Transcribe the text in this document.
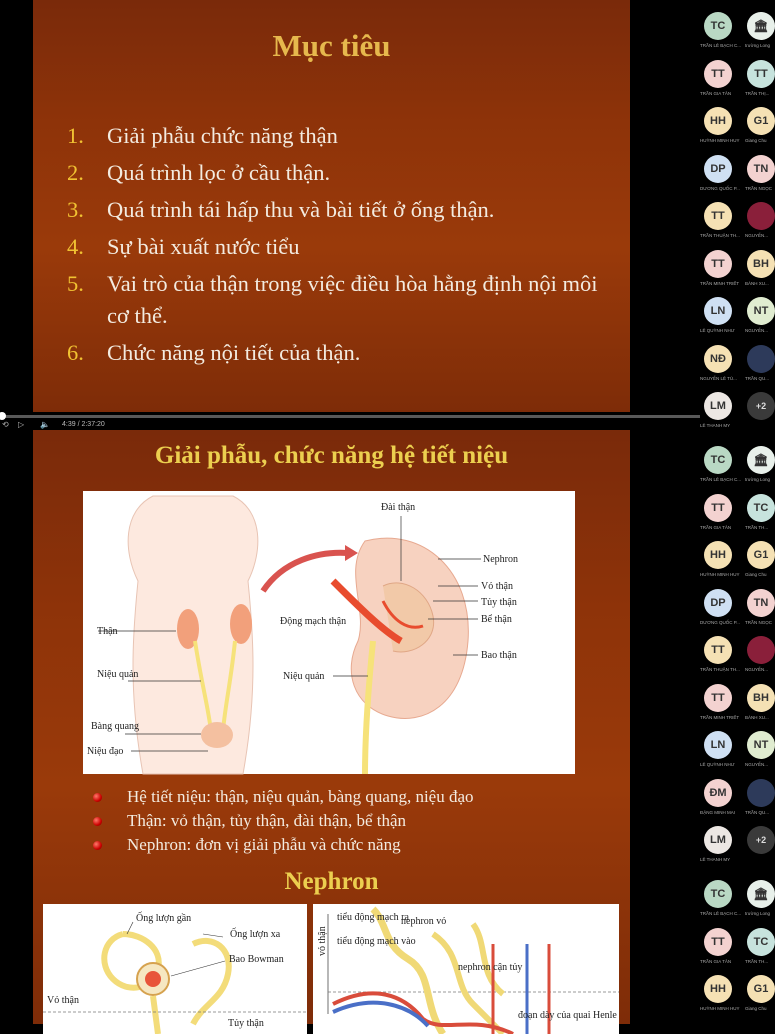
Mục tiêu
1.	Giải phẫu chức năng thận
2.	Quá trình lọc ở cầu thận.
3.	Quá trình tái hấp thu và bài tiết ở ống thận.
4.	Sự bài xuất nước tiểu
5.	Vai trò của thận trong việc điều hòa hằng định nội môi cơ thể.
6.	Chức năng nội tiết của thận.
⟲ ▷ 🔈 4:39 / 2:37:20
Giải phẫu, chức năng hệ tiết niệu
Thận
Niệu quản
Bàng quang
Niệu đạo
Động mạch thận
Niệu quản
Đài thận
Nephron
Vỏ thận
Tủy thận
Bể thận
Bao thận
Hệ tiết niệu: thận, niệu quản, bàng quang, niệu đạo
Thận: vỏ thận, tủy thận, đài thận, bể thận
Nephron: đơn vị giải phẫu và chức năng
Nephron
Ống lượn gần
Ống lượn xa
Bao Bowman
Vỏ thận
Tủy thận
tiểu động mạch ra
tiểu động mạch vào
nephron vỏ
nephron cận tủy
vỏ thận
đoạn dày của quai Henle
TC	🏛
TRẦN LÊ BẠCH C... trường Long
TT	TT
TRẦN GIA TÂN	TRẦN THỊ...
HH	G1
HUỲNH MINH HUY	Giang Chu
DP	TN
DƯƠNG QUỐC P...	TRẦN NGỌC
TT
TRẦN THUẬN TH...	NGUYỄN...
TT	BH
TRẦN MINH TRIẾT	BÀNH XU...
LN	NT
LÊ QUỲNH NHƯ	NGUYỄN...
NĐ
NGUYỄN LÊ TÚ...	TRẦN QU...
LM	+2
LÊ THANH MY
TC	🏛
TRẦN LÊ BẠCH C... trường Long
TT	TC
TRẦN GIA TÂN	TRẦN TH...
HH	G1
HUỲNH MINH HUY	Giang Chu
DP	TN
DƯƠNG QUỐC P...	TRẦN NGỌC
TT
TRẦN THUẬN TH...	NGUYỄN...
TT	BH
TRẦN MINH TRIẾT	BÀNH XU...
LN	NT
LÊ QUỲNH NHƯ	NGUYỄN...
ĐM
ĐẶNG MINH MAI	TRẦN QU...
LM	+2
LÊ THANH MY
TC	🏛
TRẦN LÊ BẠCH C... trường Long
TT	TC
TRẦN GIA TÂN	TRẦN TH...
HH	G1
HUỲNH MINH HUY	Giang Chu
